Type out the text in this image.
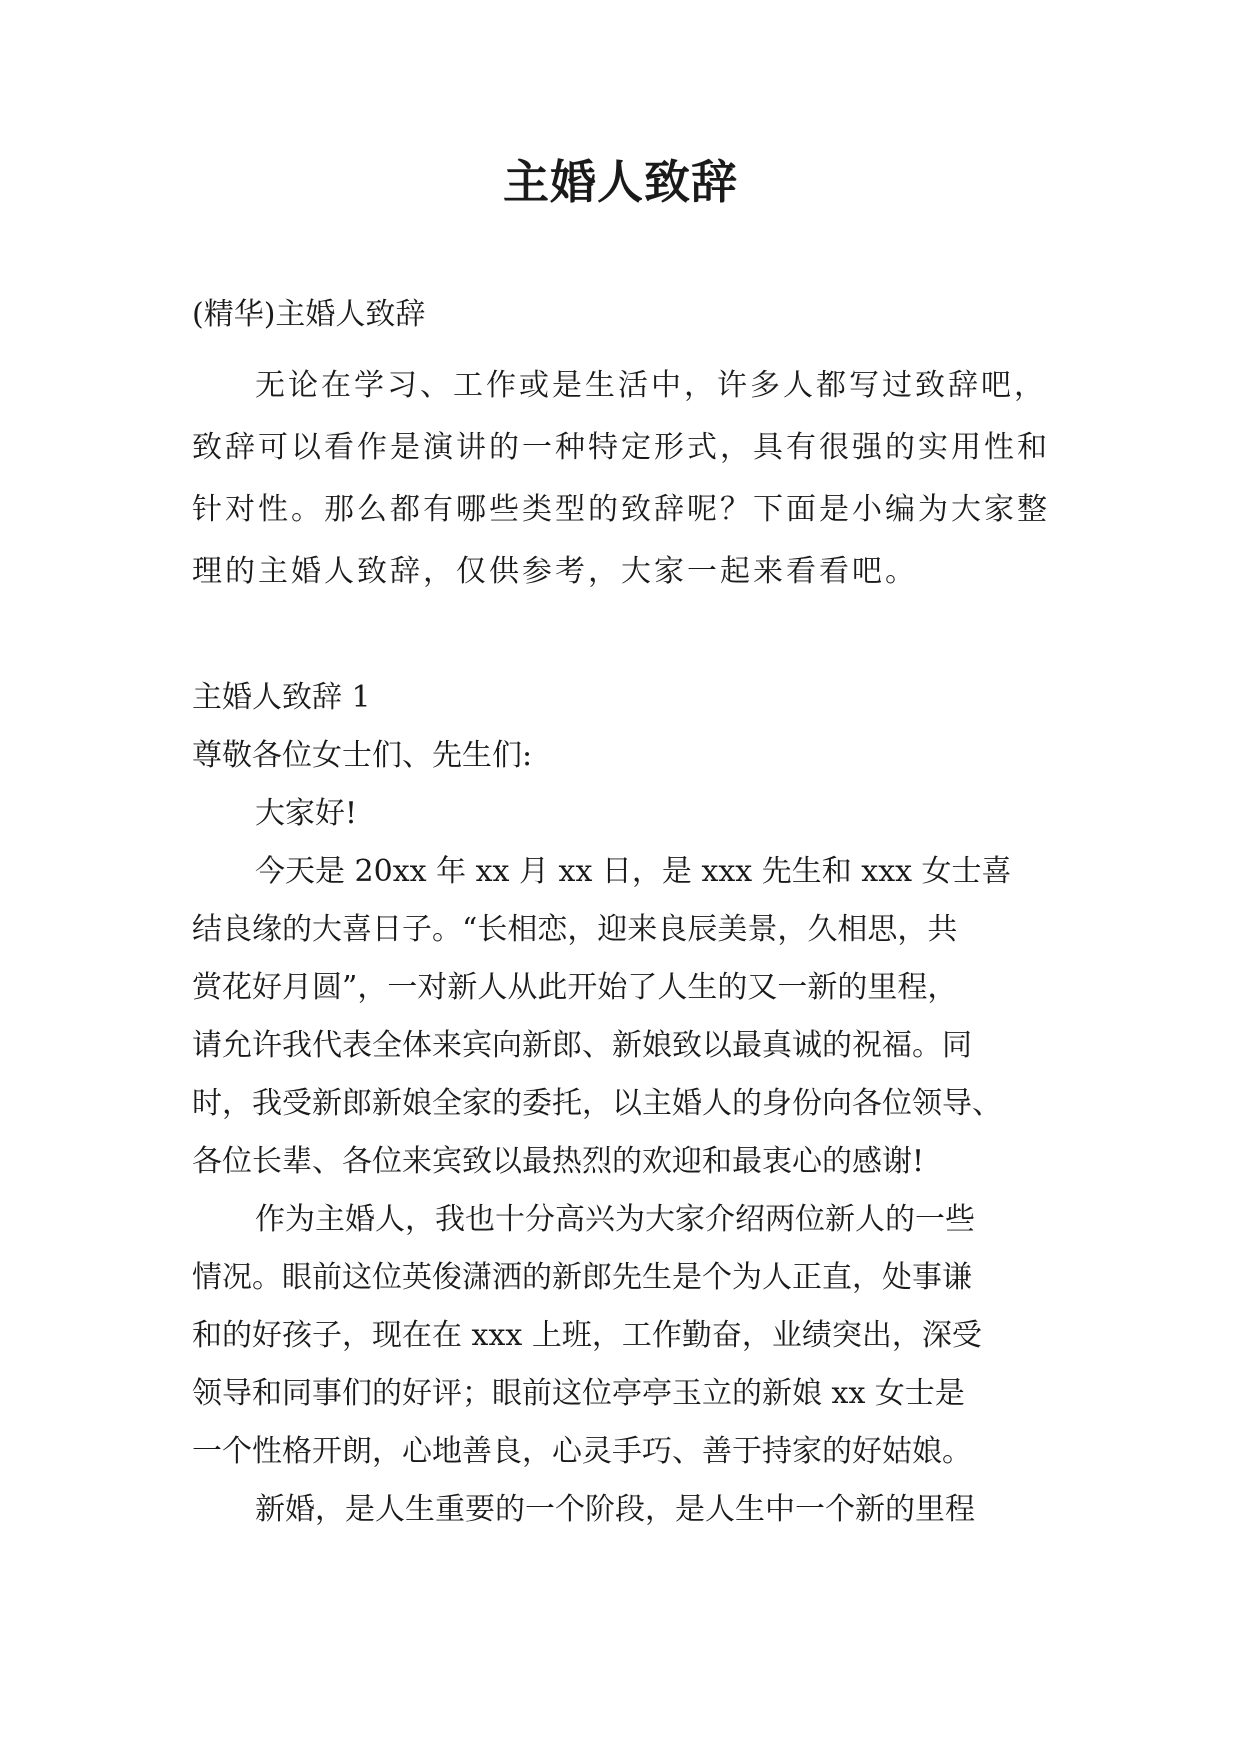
主婚人致辞
(精华)主婚人致辞
无论在学习、工作或是生活中，许多人都写过致辞吧，
致辞可以看作是演讲的一种特定形式，具有很强的实用性和
针对性。那么都有哪些类型的致辞呢？下面是小编为大家整
理的主婚人致辞，仅供参考，大家一起来看看吧。
主婚人致辞 1
尊敬各位女士们、先生们:
大家好!
今天是 20xx 年 xx 月 xx 日，是 xxx 先生和 xxx 女士喜
结良缘的大喜日子。“长相恋，迎来良辰美景，久相思，共
赏花好月圆”，一对新人从此开始了人生的又一新的里程，
请允许我代表全体来宾向新郎、新娘致以最真诚的祝福。同
时，我受新郎新娘全家的委托，以主婚人的身份向各位领导、
各位长辈、各位来宾致以最热烈的欢迎和最衷心的感谢!
作为主婚人，我也十分高兴为大家介绍两位新人的一些
情况。眼前这位英俊潇洒的新郎先生是个为人正直，处事谦
和的好孩子，现在在 xxx 上班，工作勤奋，业绩突出，深受
领导和同事们的好评；眼前这位亭亭玉立的新娘 xx 女士是
一个性格开朗，心地善良，心灵手巧、善于持家的好姑娘。
新婚，是人生重要的一个阶段，是人生中一个新的里程
